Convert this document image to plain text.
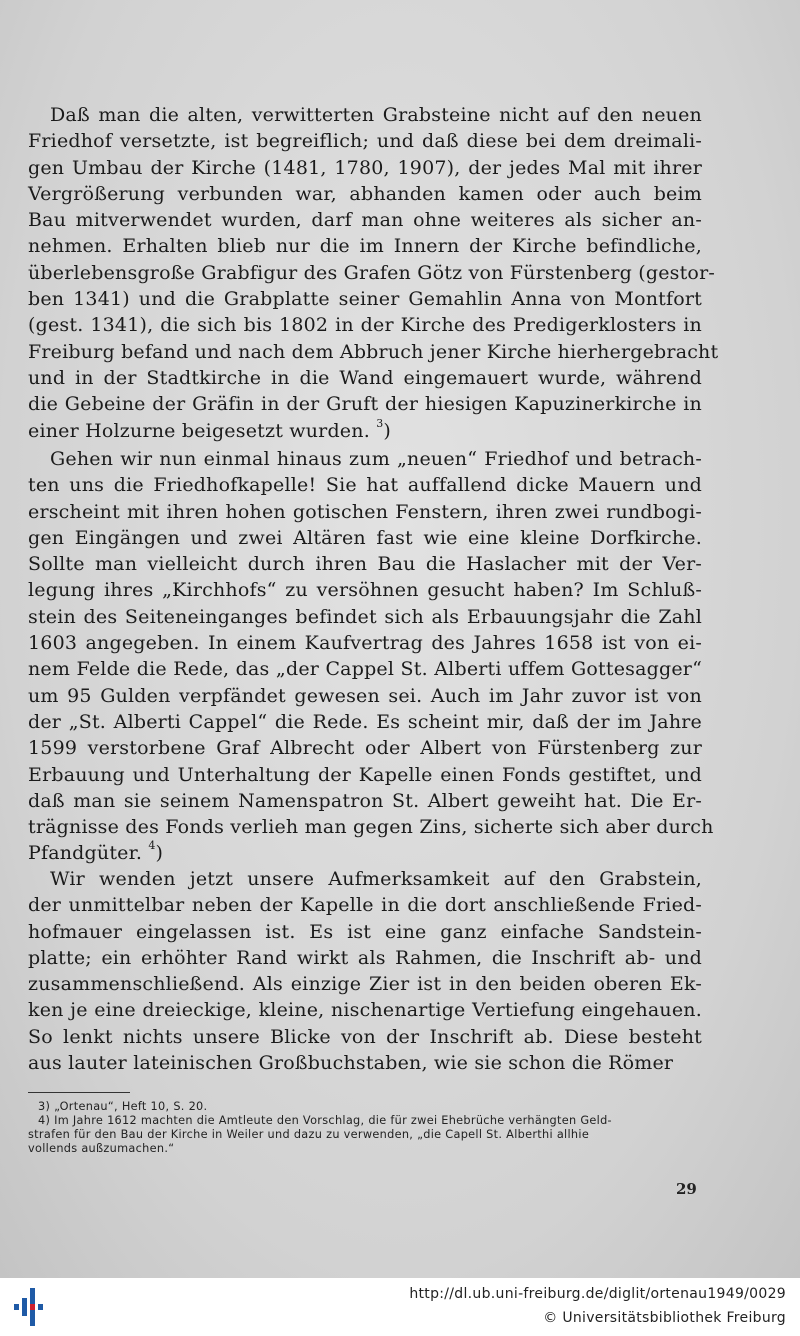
Daß man die alten, verwitterten Grabsteine nicht auf den neuen
Friedhof versetzte, ist begreiflich; und daß diese bei dem dreimali-
gen Umbau der Kirche (1481, 1780, 1907), der jedes Mal mit ihrer
Vergrößerung verbunden war, abhanden kamen oder auch beim
Bau mitverwendet wurden, darf man ohne weiteres als sicher an-
nehmen. Erhalten blieb nur die im Innern der Kirche befindliche,
überlebensgroße Grabfigur des Grafen Götz von Fürstenberg (gestor-
ben 1341) und die Grabplatte seiner Gemahlin Anna von Montfort
(gest. 1341), die sich bis 1802 in der Kirche des Predigerklosters in
Freiburg befand und nach dem Abbruch jener Kirche hierhergebracht
und in der Stadtkirche in die Wand eingemauert wurde, während
die Gebeine der Gräfin in der Gruft der hiesigen Kapuzinerkirche in
einer Holzurne beigesetzt wurden. $^3$)
Gehen wir nun einmal hinaus zum „neuen“ Friedhof und betrach-
ten uns die Friedhofkapelle! Sie hat auffallend dicke Mauern und
erscheint mit ihren hohen gotischen Fenstern, ihren zwei rundbogi-
gen Eingängen und zwei Altären fast wie eine kleine Dorfkirche.
Sollte man vielleicht durch ihren Bau die Haslacher mit der Ver-
legung ihres „Kirchhofs“ zu versöhnen gesucht haben? Im Schluß-
stein des Seiteneinganges befindet sich als Erbauungsjahr die Zahl
1603 angegeben. In einem Kaufvertrag des Jahres 1658 ist von ei-
nem Felde die Rede, das „der Cappel St. Alberti uffem Gottesagger“
um 95 Gulden verpfändet gewesen sei. Auch im Jahr zuvor ist von
der „St. Alberti Cappel“ die Rede. Es scheint mir, daß der im Jahre
1599 verstorbene Graf Albrecht oder Albert von Fürstenberg zur
Erbauung und Unterhaltung der Kapelle einen Fonds gestiftet, und
daß man sie seinem Namenspatron St. Albert geweiht hat. Die Er-
trägnisse des Fonds verlieh man gegen Zins, sicherte sich aber durch
Pfandgüter. $^4$)
Wir wenden jetzt unsere Aufmerksamkeit auf den Grabstein,
der unmittelbar neben der Kapelle in die dort anschließende Fried-
hofmauer eingelassen ist. Es ist eine ganz einfache Sandstein-
platte; ein erhöhter Rand wirkt als Rahmen, die Inschrift ab- und
zusammenschließend. Als einzige Zier ist in den beiden oberen Ek-
ken je eine dreieckige, kleine, nischenartige Vertiefung eingehauen.
So lenkt nichts unsere Blicke von der Inschrift ab. Diese besteht
aus lauter lateinischen Großbuchstaben, wie sie schon die Römer
3) „Ortenau“, Heft 10, S. 20.
4) Im Jahre 1612 machten die Amtleute den Vorschlag, die für zwei Ehebrüche verhängten Geld-
strafen für den Bau der Kirche in Weiler und dazu zu verwenden, „die Capell St. Alberthi allhie
vollends außzumachen.“
29
http://dl.ub.uni-freiburg.de/diglit/ortenau1949/0029
© Universitätsbibliothek Freiburg
